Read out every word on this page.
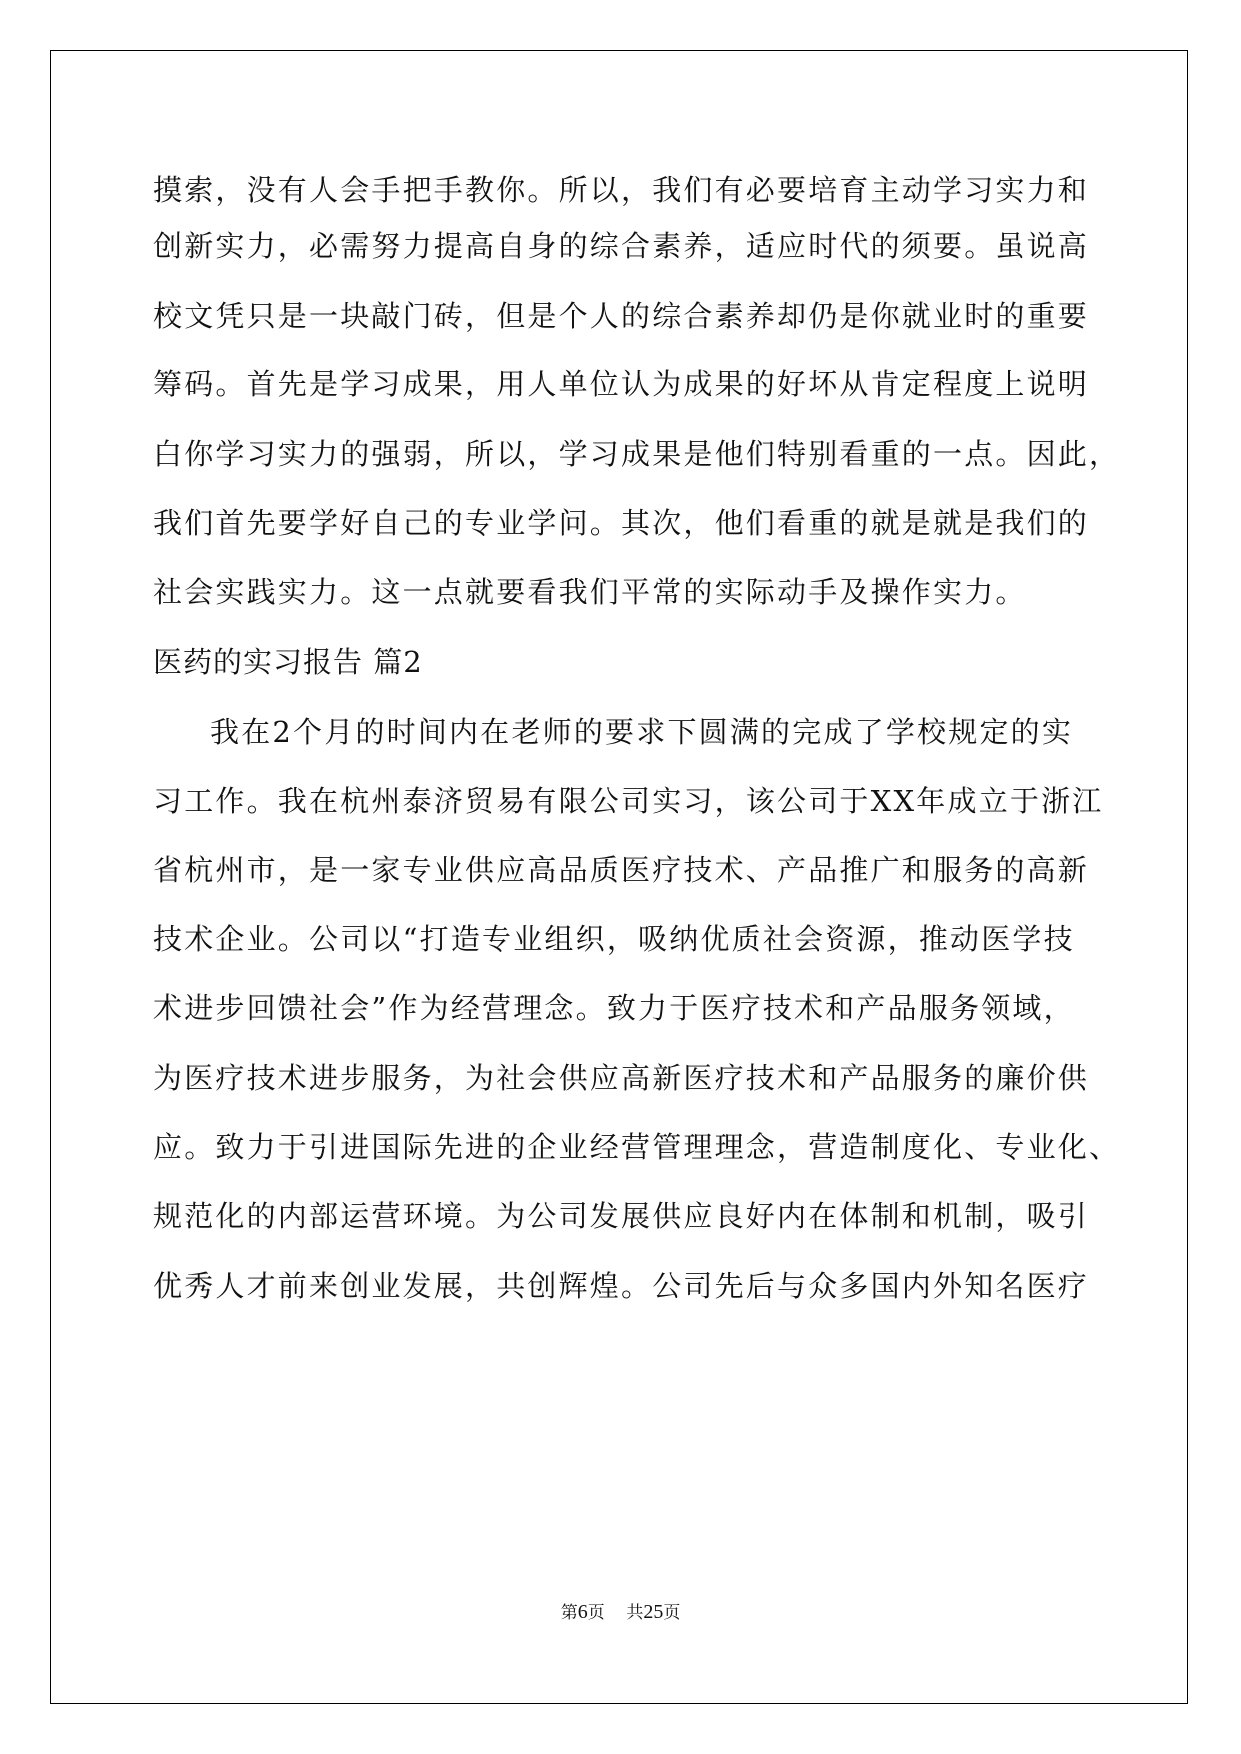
摸索，没有人会手把手教你。所以，我们有必要培育主动学习实力和
创新实力，必需努力提高自身的综合素养，适应时代的须要。虽说高
校文凭只是一块敲门砖，但是个人的综合素养却仍是你就业时的重要
筹码。首先是学习成果，用人单位认为成果的好坏从肯定程度上说明
白你学习实力的强弱，所以，学习成果是他们特别看重的一点。因此，
我们首先要学好自己的专业学问。其次，他们看重的就是就是我们的
社会实践实力。这一点就要看我们平常的实际动手及操作实力。
医药的实习报告 篇2
我在2个月的时间内在老师的要求下圆满的完成了学校规定的实
习工作。我在杭州泰济贸易有限公司实习，该公司于XX年成立于浙江
省杭州市，是一家专业供应高品质医疗技术、产品推广和服务的高新
技术企业。公司以“打造专业组织，吸纳优质社会资源，推动医学技
术进步回馈社会”作为经营理念。致力于医疗技术和产品服务领域，
为医疗技术进步服务，为社会供应高新医疗技术和产品服务的廉价供
应。致力于引进国际先进的企业经营管理理念，营造制度化、专业化、
规范化的内部运营环境。为公司发展供应良好内在体制和机制，吸引
优秀人才前来创业发展，共创辉煌。公司先后与众多国内外知名医疗
第6页 共25页
